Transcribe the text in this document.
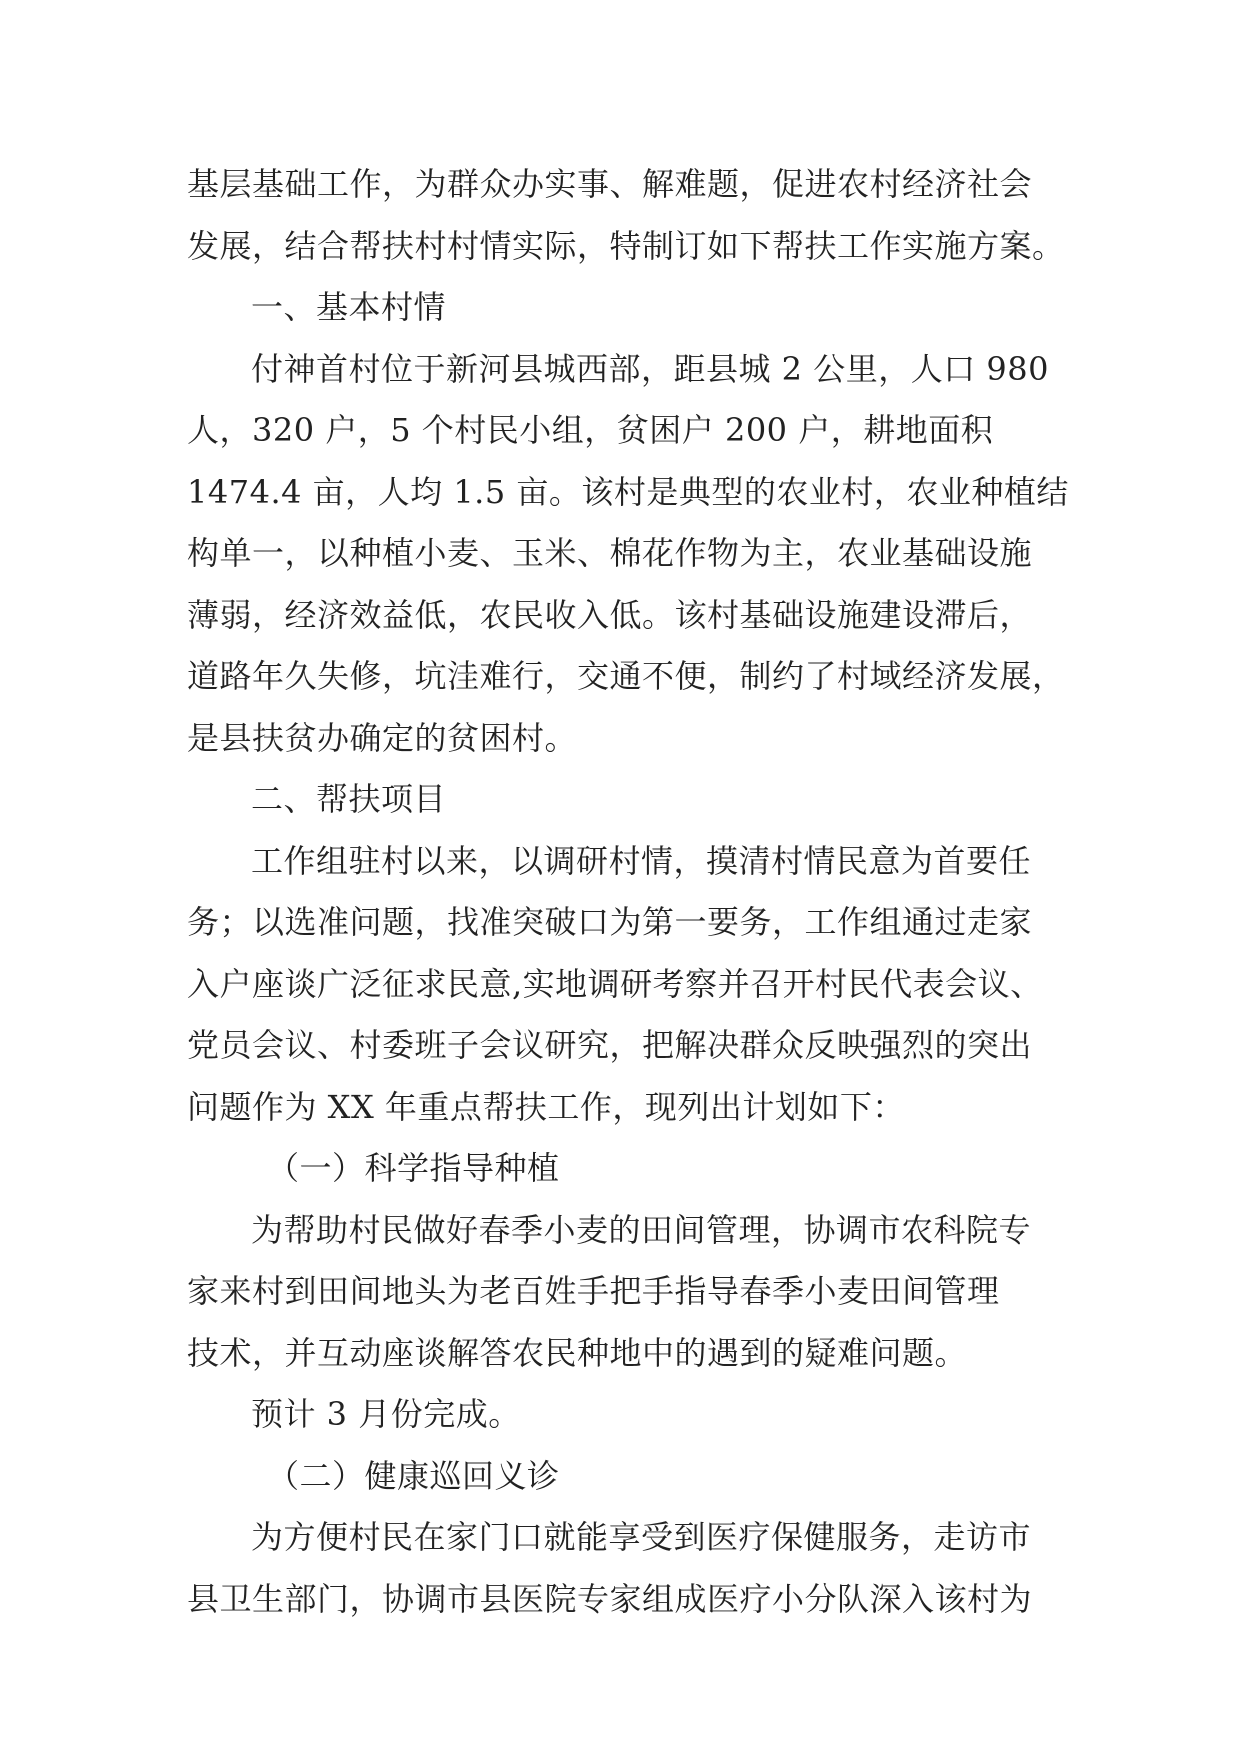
基层基础工作，为群众办实事、解难题，促进农村经济社会
发展，结合帮扶村村情实际，特制订如下帮扶工作实施方案。
一、基本村情
付神首村位于新河县城西部，距县城 2 公里，人口 980
人，320 户，5 个村民小组，贫困户 200 户，耕地面积
1474.4 亩，人均 1.5 亩。该村是典型的农业村，农业种植结
构单一，以种植小麦、玉米、棉花作物为主，农业基础设施
薄弱，经济效益低，农民收入低。该村基础设施建设滞后，
道路年久失修，坑洼难行，交通不便，制约了村域经济发展，
是县扶贫办确定的贫困村。
二、帮扶项目
工作组驻村以来，以调研村情，摸清村情民意为首要任
务；以选准问题，找准突破口为第一要务，工作组通过走家
入户座谈广泛征求民意,实地调研考察并召开村民代表会议、
党员会议、村委班子会议研究，把解决群众反映强烈的突出
问题作为 XX 年重点帮扶工作，现列出计划如下：
（一）科学指导种植
为帮助村民做好春季小麦的田间管理，协调市农科院专
家来村到田间地头为老百姓手把手指导春季小麦田间管理
技术，并互动座谈解答农民种地中的遇到的疑难问题。
预计 3 月份完成。
（二）健康巡回义诊
为方便村民在家门口就能享受到医疗保健服务，走访市
县卫生部门，协调市县医院专家组成医疗小分队深入该村为
